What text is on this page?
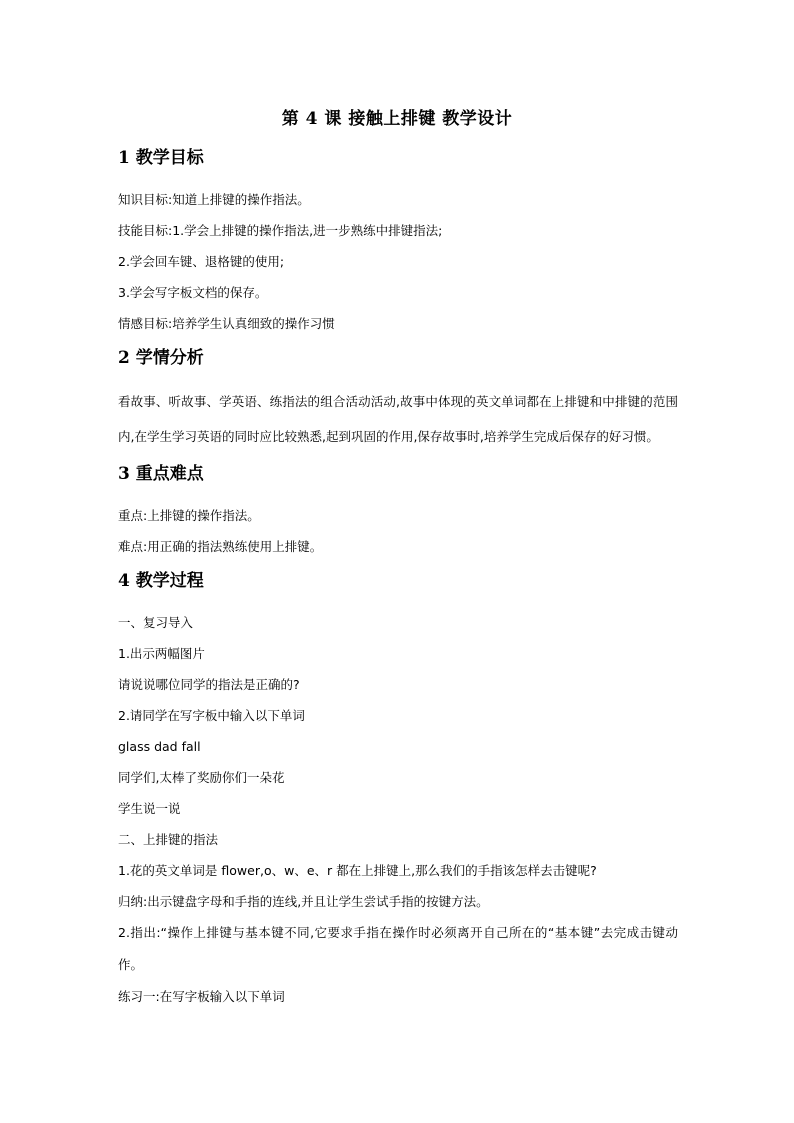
第 4 课 接触上排键 教学设计
1 教学目标
知识目标:知道上排键的操作指法。
技能目标:1.学会上排键的操作指法,进一步熟练中排键指法;
2.学会回车键、退格键的使用;
3.学会写字板文档的保存。
情感目标:培养学生认真细致的操作习惯
2 学情分析
看故事、听故事、学英语、练指法的组合活动活动,故事中体现的英文单词都在上排键和中排键的范围内,在学生学习英语的同时应比较熟悉,起到巩固的作用,保存故事时,培养学生完成后保存的好习惯。
3 重点难点
重点:上排键的操作指法。
难点:用正确的指法熟练使用上排键。
4 教学过程
一、复习导入
1.出示两幅图片
请说说哪位同学的指法是正确的?
2.请同学在写字板中输入以下单词
glass dad fall
同学们,太棒了奖励你们一朵花
学生说一说
二、上排键的指法
1.花的英文单词是 flower,o、w、e、r 都在上排键上,那么我们的手指该怎样去击键呢?
归纳:出示键盘字母和手指的连线,并且让学生尝试手指的按键方法。
2.指出:“操作上排键与基本键不同,它要求手指在操作时必须离开自己所在的“基本键”去完成击键动作。
练习一:在写字板输入以下单词
